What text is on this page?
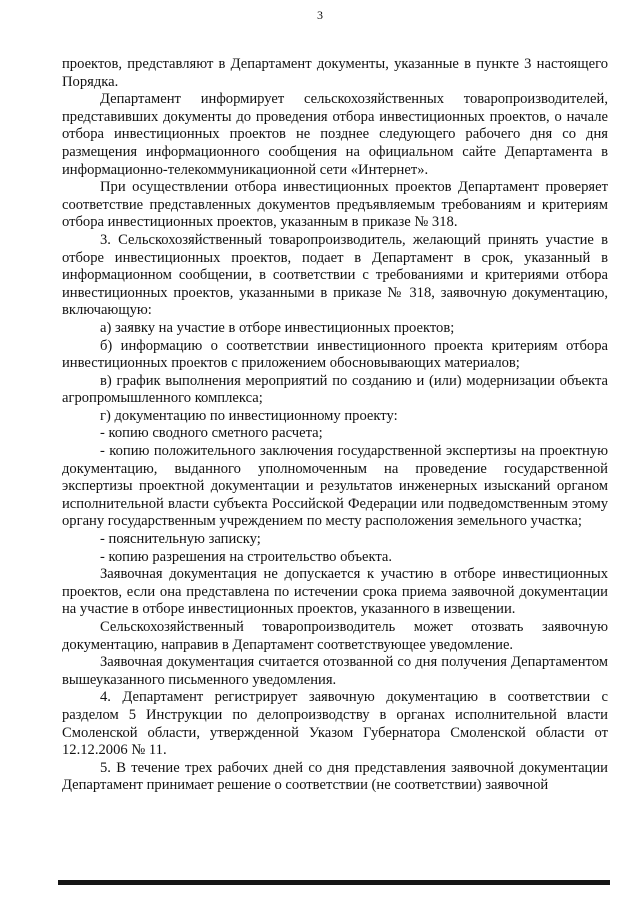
3

проектов, представляют в Департамент документы, указанные в пункте 3 настоящего Порядка.

Департамент информирует сельскохозяйственных товаропроизводителей, представивших документы до проведения отбора инвестиционных проектов, о начале отбора инвестиционных проектов не позднее следующего рабочего дня со дня размещения информационного сообщения на официальном сайте Департамента в информационно-телекоммуникационной сети «Интернет».

При осуществлении отбора инвестиционных проектов Департамент проверяет соответствие представленных документов предъявляемым требованиям и критериям отбора инвестиционных проектов, указанным в приказе № 318.

3. Сельскохозяйственный товаропроизводитель, желающий принять участие в отборе инвестиционных проектов, подает в Департамент в срок, указанный в информационном сообщении, в соответствии с требованиями и критериями отбора инвестиционных проектов, указанными в приказе № 318, заявочную документацию, включающую:

а) заявку на участие в отборе инвестиционных проектов;

б) информацию о соответствии инвестиционного проекта критериям отбора инвестиционных проектов с приложением обосновывающих материалов;

в) график выполнения мероприятий по созданию и (или) модернизации объекта агропромышленного комплекса;

г) документацию по инвестиционному проекту:

- копию сводного сметного расчета;

- копию положительного заключения государственной экспертизы на проектную документацию, выданного уполномоченным на проведение государственной экспертизы проектной документации и результатов инженерных изысканий органом исполнительной власти субъекта Российской Федерации или подведомственным этому органу государственным учреждением по месту расположения земельного участка;

- пояснительную записку;

- копию разрешения на строительство объекта.

Заявочная документация не допускается к участию в отборе инвестиционных проектов, если она представлена по истечении срока приема заявочной документации на участие в отборе инвестиционных проектов, указанного в извещении.

Сельскохозяйственный товаропроизводитель может отозвать заявочную документацию, направив в Департамент соответствующее уведомление.

Заявочная документация считается отозванной со дня получения Департаментом вышеуказанного письменного уведомления.

4. Департамент регистрирует заявочную документацию в соответствии с разделом 5 Инструкции по делопроизводству в органах исполнительной власти Смоленской области, утвержденной Указом Губернатора Смоленской области от 12.12.2006 № 11.

5. В течение трех рабочих дней со дня представления заявочной документации Департамент принимает решение о соответствии (не соответствии) заявочной
